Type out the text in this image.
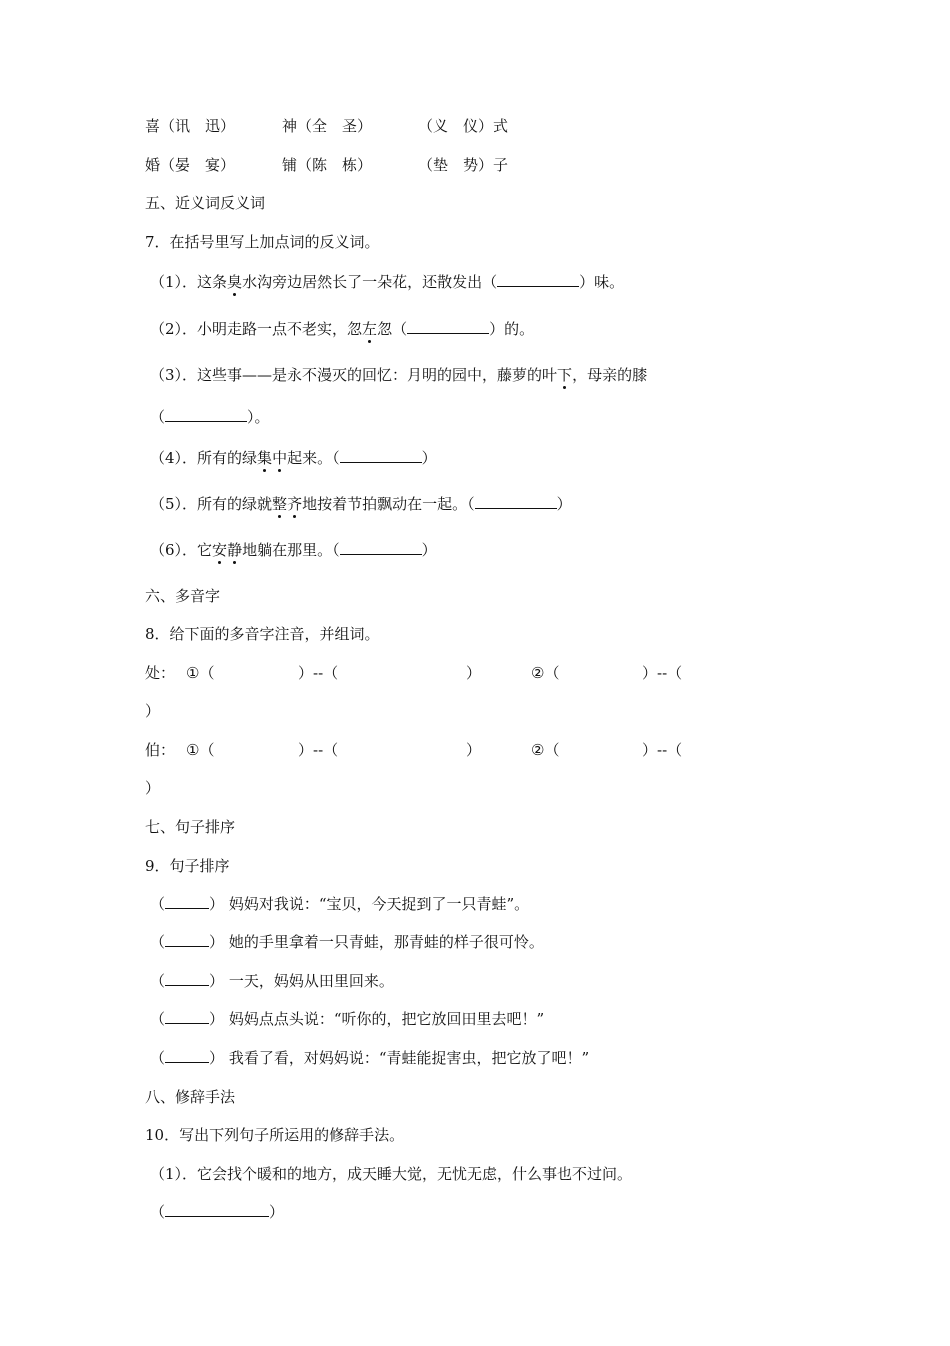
喜（讯　迅）	神（全　圣）	（义　仪）式
婚（晏　宴）	铺（陈　栋）	（垫　势）子
五、近义词反义词
7．在括号里写上加点词的反义词。
（1）．这条臭水沟旁边居然长了一朵花，还散发出（	）味。
（2）．小明走路一点不老实，忽左忽（	）的。
（3）．这些事——是永不漫灭的回忆：月明的园中，藤萝的叶下，母亲的膝
（	）。
（4）．所有的绿集中起来。（	）
（5）．所有的绿就整齐地按着节拍飘动在一起。（	）
（6）．它安静地躺在那里。（	）
六、多音字
8．给下面的多音字注音，并组词。
处： ①（	）--（	）	②（	）--（
）
伯： ①（	）--（	）	②（	）--（
）
七、句子排序
9．句子排序
（	） 妈妈对我说：“宝贝，今天捉到了一只青蛙”。
（	） 她的手里拿着一只青蛙，那青蛙的样子很可怜。
（	） 一天，妈妈从田里回来。
（	） 妈妈点点头说：“听你的，把它放回田里去吧！”
（	） 我看了看，对妈妈说：“青蛙能捉害虫，把它放了吧！”
八、修辞手法
10．写出下列句子所运用的修辞手法。
（1）．它会找个暖和的地方，成天睡大觉，无忧无虑，什么事也不过问。
（	）
